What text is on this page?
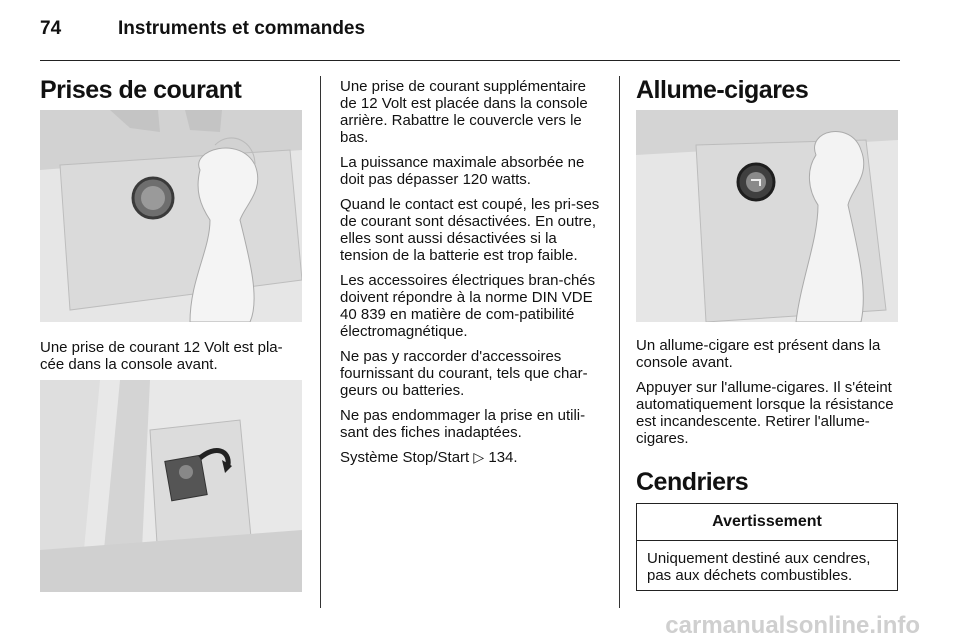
74	Instruments et commandes
Prises de courant

Une prise de courant 12 Volt est pla-cée dans la console avant.

Une prise de courant supplémentaire de 12 Volt est placée dans la console arrière. Rabattre le couvercle vers le bas.

La puissance maximale absorbée ne doit pas dépasser 120 watts.

Quand le contact est coupé, les pri-ses de courant sont désactivées. En outre, elles sont aussi désactivées si la tension de la batterie est trop faible.

Les accessoires électriques bran-chés doivent répondre à la norme DIN VDE 40 839 en matière de com-patibilité électromagnétique.

Ne pas y raccorder d'accessoires fournissant du courant, tels que char-geurs ou batteries.

Ne pas endommager la prise en utili-sant des fiches inadaptées.

Système Stop/Start ▷ 134.

Allume-cigares

Un allume-cigare est présent dans la console avant.

Appuyer sur l'allume-cigares. Il s'éteint automatiquement lorsque la résistance est incandescente. Retirer l'allume-cigares.

Cendriers
Avertissement
Uniquement destiné aux cendres, pas aux déchets combustibles.
carmanualsonline.info
